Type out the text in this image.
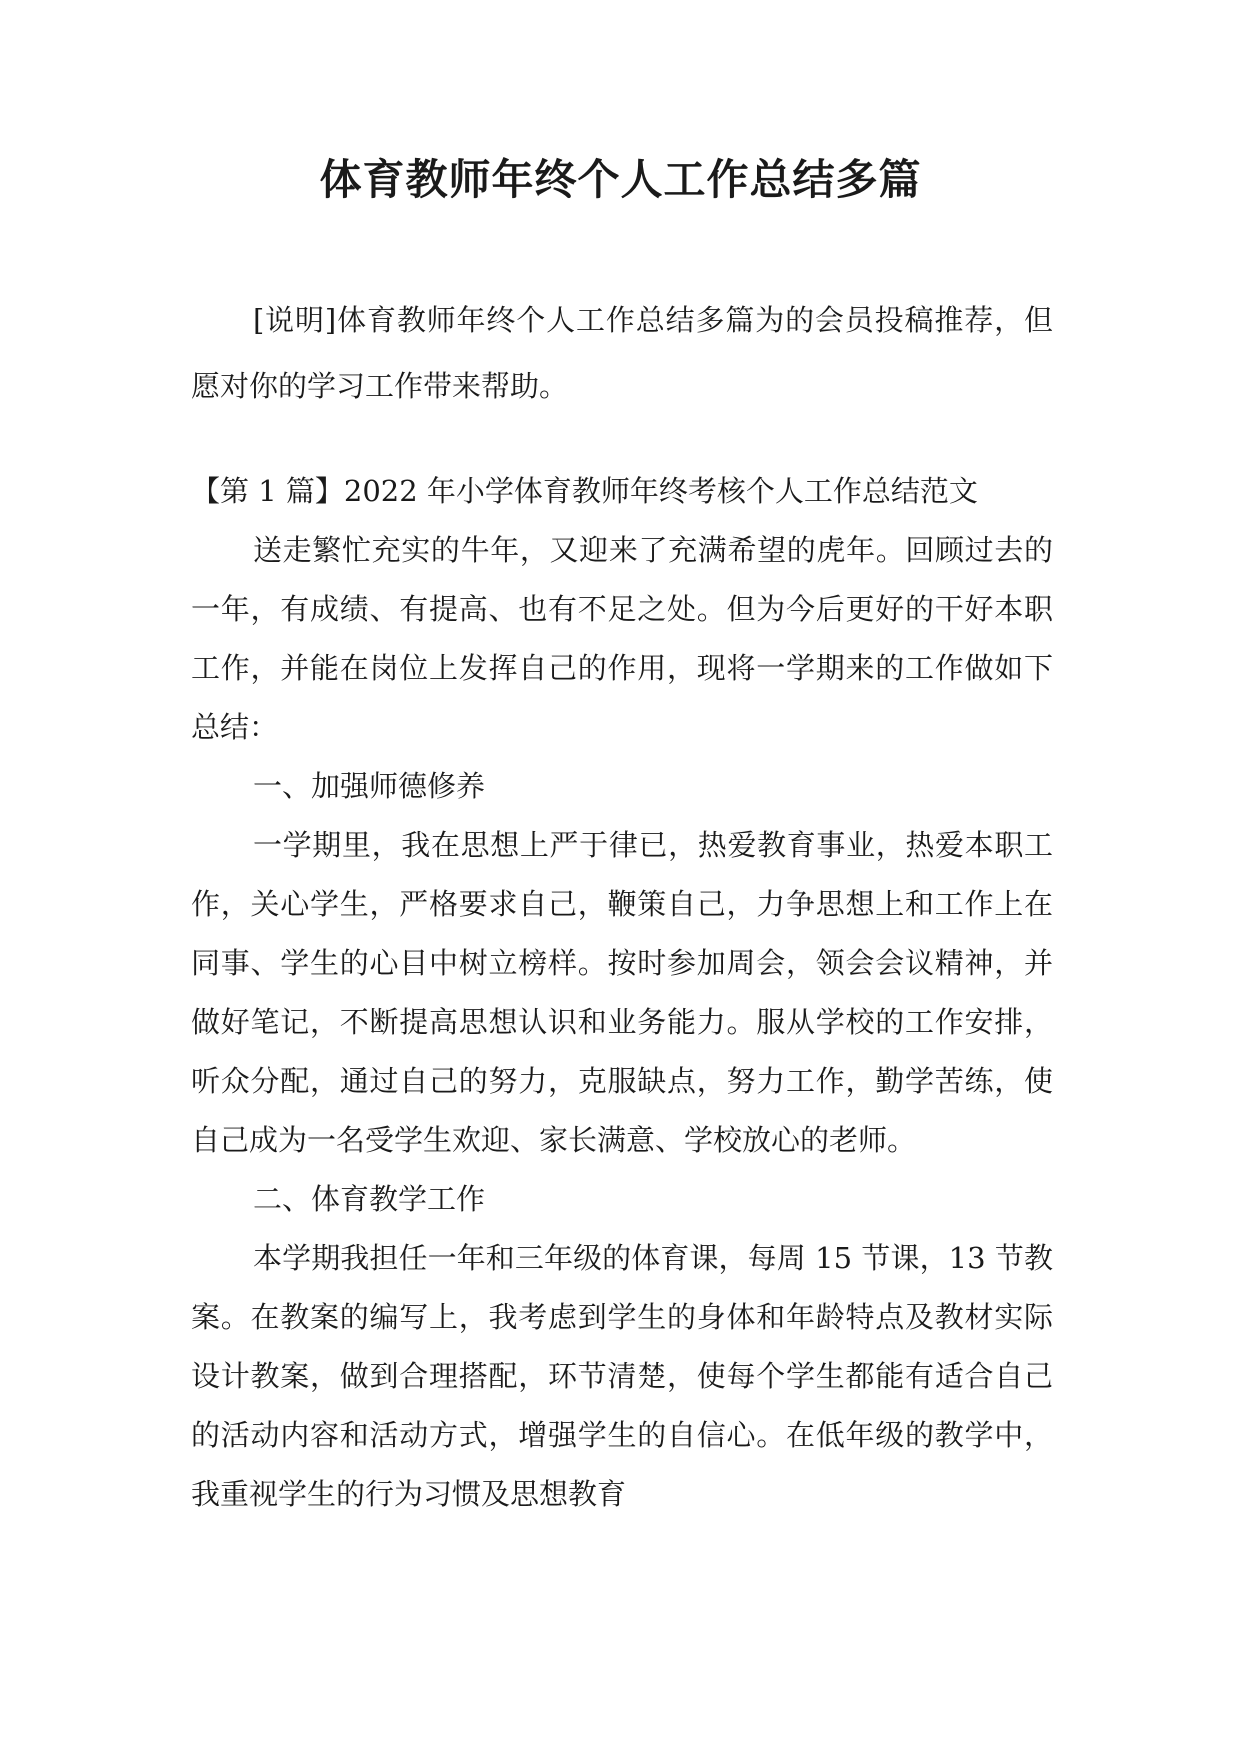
体育教师年终个人工作总结多篇

[说明]体育教师年终个人工作总结多篇为的会员投稿推荐，但愿对你的学习工作带来帮助。

【第 1 篇】2022 年小学体育教师年终考核个人工作总结范文

送走繁忙充实的牛年，又迎来了充满希望的虎年。回顾过去的一年，有成绩、有提高、也有不足之处。但为今后更好的干好本职工作，并能在岗位上发挥自己的作用，现将一学期来的工作做如下总结：

一、加强师德修养

一学期里，我在思想上严于律已，热爱教育事业，热爱本职工作，关心学生，严格要求自己，鞭策自己，力争思想上和工作上在同事、学生的心目中树立榜样。按时参加周会，领会会议精神，并做好笔记，不断提高思想认识和业务能力。服从学校的工作安排，听众分配，通过自己的努力，克服缺点，努力工作，勤学苦练，使自己成为一名受学生欢迎、家长满意、学校放心的老师。

二、体育教学工作

本学期我担任一年和三年级的体育课，每周 15 节课，13 节教案。在教案的编写上，我考虑到学生的身体和年龄特点及教材实际设计教案，做到合理搭配，环节清楚，使每个学生都能有适合自己的活动内容和活动方式，增强学生的自信心。在低年级的教学中，我重视学生的行为习惯及思想教育
